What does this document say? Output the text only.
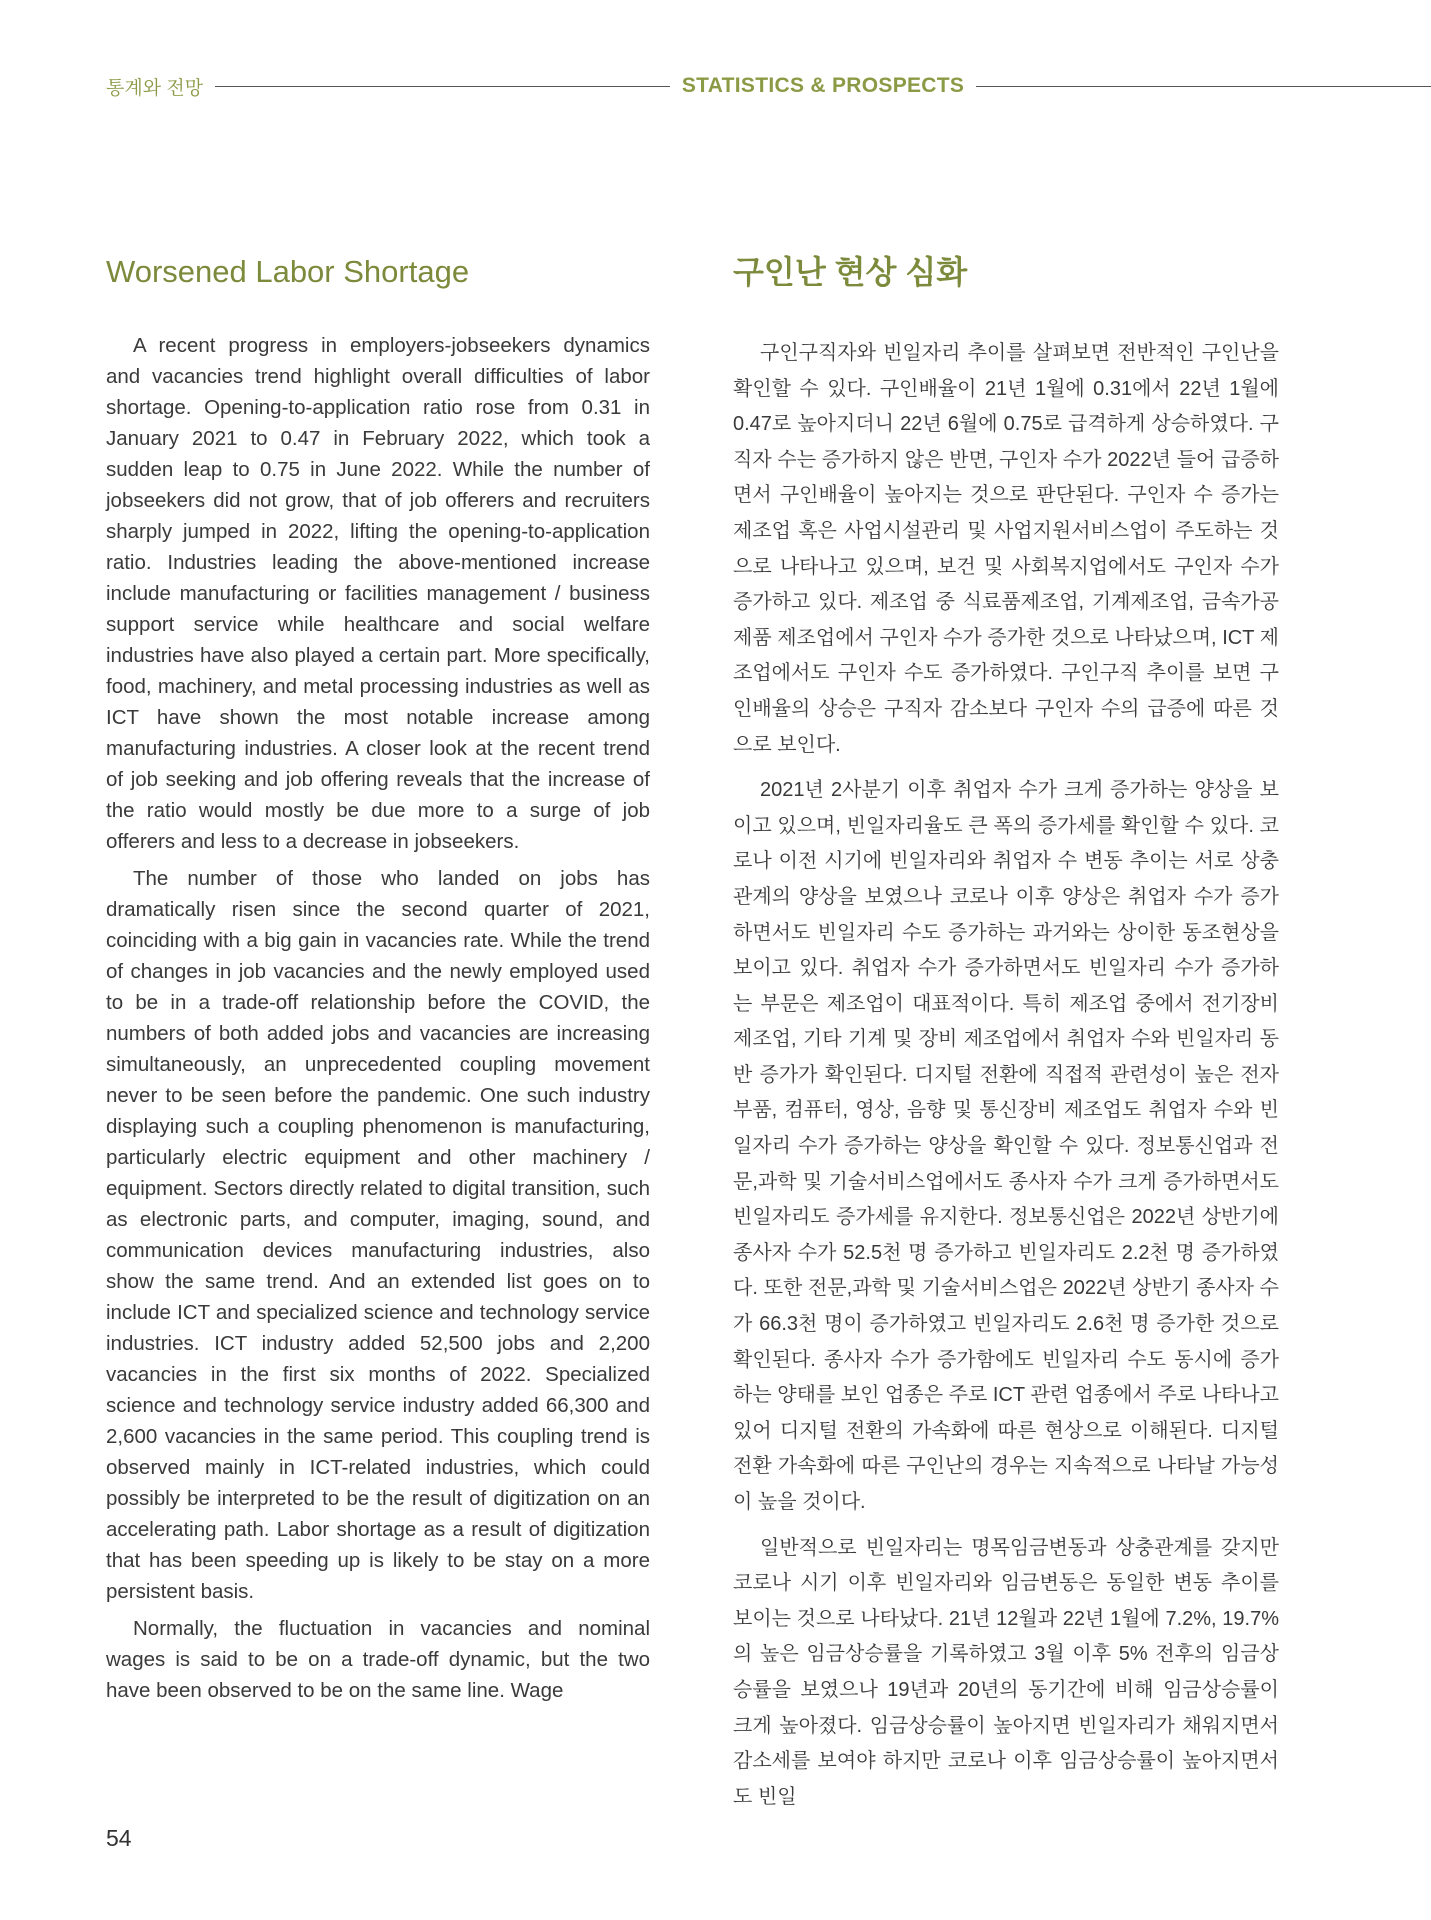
통계와 전망	STATISTICS & PROSPECTS
Worsened Labor Shortage

A recent progress in employers-jobseekers dynamics and vacancies trend highlight overall difficulties of labor shortage. Opening-to-application ratio rose from 0.31 in January 2021 to 0.47 in February 2022, which took a sudden leap to 0.75 in June 2022. While the number of jobseekers did not grow, that of job offerers and recruiters sharply jumped in 2022, lifting the opening-to-application ratio. Industries leading the above-mentioned increase include manufacturing or facilities management / business support service while healthcare and social welfare industries have also played a certain part. More specifically, food, machinery, and metal processing industries as well as ICT have shown the most notable increase among manufacturing industries. A closer look at the recent trend of job seeking and job offering reveals that the increase of the ratio would mostly be due more to a surge of job offerers and less to a decrease in jobseekers.

The number of those who landed on jobs has dramatically risen since the second quarter of 2021, coinciding with a big gain in vacancies rate. While the trend of changes in job vacancies and the newly employed used to be in a trade-off relationship before the COVID, the numbers of both added jobs and vacancies are increasing simultaneously, an unprecedented coupling movement never to be seen before the pandemic. One such industry displaying such a coupling phenomenon is manufacturing, particularly electric equipment and other machinery / equipment. Sectors directly related to digital transition, such as electronic parts, and computer, imaging, sound, and communication devices manufacturing industries, also show the same trend. And an extended list goes on to include ICT and specialized science and technology service industries. ICT industry added 52,500 jobs and 2,200 vacancies in the first six months of 2022. Specialized science and technology service industry added 66,300 and 2,600 vacancies in the same period. This coupling trend is observed mainly in ICT-related industries, which could possibly be interpreted to be the result of digitization on an accelerating path. Labor shortage as a result of digitization that has been speeding up is likely to be stay on a more persistent basis.

Normally, the fluctuation in vacancies and nominal wages is said to be on a trade-off dynamic, but the two have been observed to be on the same line. Wage

구인난 현상 심화

구인구직자와 빈일자리 추이를 살펴보면 전반적인 구인난을 확인할 수 있다. 구인배율이 21년 1월에 0.31에서 22년 1월에 0.47로 높아지더니 22년 6월에 0.75로 급격하게 상승하였다. 구직자 수는 증가하지 않은 반면, 구인자 수가 2022년 들어 급증하면서 구인배율이 높아지는 것으로 판단된다. 구인자 수 증가는 제조업 혹은 사업시설관리 및 사업지원서비스업이 주도하는 것으로 나타나고 있으며, 보건 및 사회복지업에서도 구인자 수가 증가하고 있다. 제조업 중 식료품제조업, 기계제조업, 금속가공제품 제조업에서 구인자 수가 증가한 것으로 나타났으며, ICT 제조업에서도 구인자 수도 증가하였다. 구인구직 추이를 보면 구인배율의 상승은 구직자 감소보다 구인자 수의 급증에 따른 것으로 보인다.

2021년 2사분기 이후 취업자 수가 크게 증가하는 양상을 보이고 있으며, 빈일자리율도 큰 폭의 증가세를 확인할 수 있다. 코로나 이전 시기에 빈일자리와 취업자 수 변동 추이는 서로 상충관계의 양상을 보였으나 코로나 이후 양상은 취업자 수가 증가하면서도 빈일자리 수도 증가하는 과거와는 상이한 동조현상을 보이고 있다. 취업자 수가 증가하면서도 빈일자리 수가 증가하는 부문은 제조업이 대표적이다. 특히 제조업 중에서 전기장비 제조업, 기타 기계 및 장비 제조업에서 취업자 수와 빈일자리 동반 증가가 확인된다. 디지털 전환에 직접적 관련성이 높은 전자부품, 컴퓨터, 영상, 음향 및 통신장비 제조업도 취업자 수와 빈일자리 수가 증가하는 양상을 확인할 수 있다. 정보통신업과 전문,과학 및 기술서비스업에서도 종사자 수가 크게 증가하면서도 빈일자리도 증가세를 유지한다. 정보통신업은 2022년 상반기에 종사자 수가 52.5천 명 증가하고 빈일자리도 2.2천 명 증가하였다. 또한 전문,과학 및 기술서비스업은 2022년 상반기 종사자 수가 66.3천 명이 증가하였고 빈일자리도 2.6천 명 증가한 것으로 확인된다. 종사자 수가 증가함에도 빈일자리 수도 동시에 증가하는 양태를 보인 업종은 주로 ICT 관련 업종에서 주로 나타나고 있어 디지털 전환의 가속화에 따른 현상으로 이해된다. 디지털 전환 가속화에 따른 구인난의 경우는 지속적으로 나타날 가능성이 높을 것이다.

일반적으로 빈일자리는 명목임금변동과 상충관계를 갖지만 코로나 시기 이후 빈일자리와 임금변동은 동일한 변동 추이를 보이는 것으로 나타났다. 21년 12월과 22년 1월에 7.2%, 19.7%의 높은 임금상승률을 기록하였고 3월 이후 5% 전후의 임금상승률을 보였으나 19년과 20년의 동기간에 비해 임금상승률이 크게 높아졌다. 임금상승률이 높아지면 빈일자리가 채워지면서 감소세를 보여야 하지만 코로나 이후 임금상승률이 높아지면서도 빈일

54
